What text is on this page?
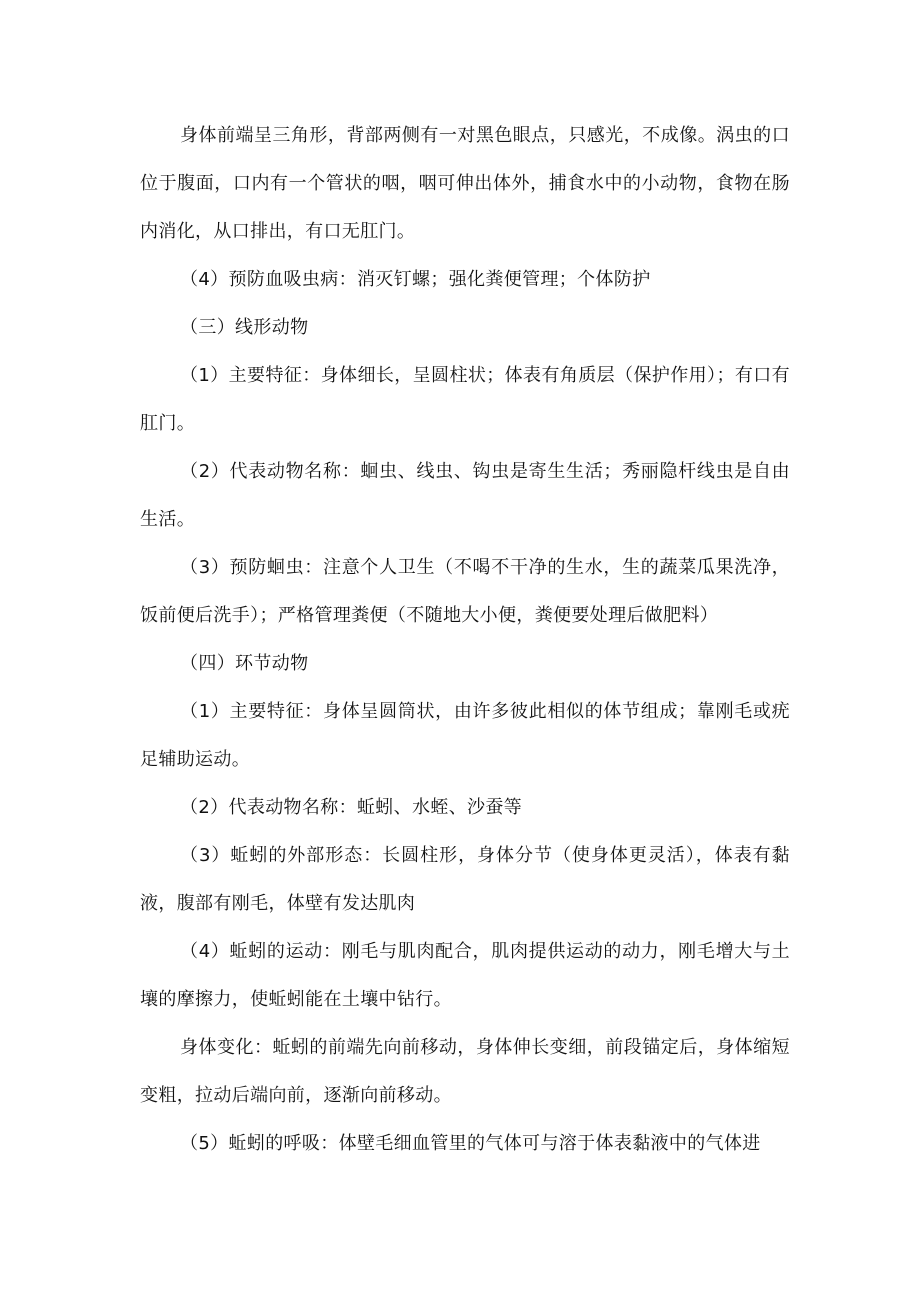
身体前端呈三角形，背部两侧有一对黑色眼点，只感光，不成像。涡虫的口位于腹面，口内有一个管状的咽，咽可伸出体外，捕食水中的小动物，食物在肠内消化，从口排出，有口无肛门。

（4）预防血吸虫病：消灭钉螺；强化粪便管理；个体防护

（三）线形动物

（1）主要特征：身体细长，呈圆柱状；体表有角质层（保护作用）；有口有肛门。

（2）代表动物名称：蛔虫、线虫、钩虫是寄生生活；秀丽隐杆线虫是自由生活。

（3）预防蛔虫：注意个人卫生（不喝不干净的生水，生的蔬菜瓜果洗净，饭前便后洗手）；严格管理粪便（不随地大小便，粪便要处理后做肥料）

（四）环节动物

（1）主要特征：身体呈圆筒状，由许多彼此相似的体节组成；靠刚毛或疣足辅助运动。

（2）代表动物名称：蚯蚓、水蛭、沙蚕等

（3）蚯蚓的外部形态：长圆柱形，身体分节（使身体更灵活），体表有黏液，腹部有刚毛，体壁有发达肌肉

（4）蚯蚓的运动：刚毛与肌肉配合，肌肉提供运动的动力，刚毛增大与土壤的摩擦力，使蚯蚓能在土壤中钻行。

身体变化：蚯蚓的前端先向前移动，身体伸长变细，前段锚定后，身体缩短变粗，拉动后端向前，逐渐向前移动。

（5）蚯蚓的呼吸：体壁毛细血管里的气体可与溶于体表黏液中的气体进
